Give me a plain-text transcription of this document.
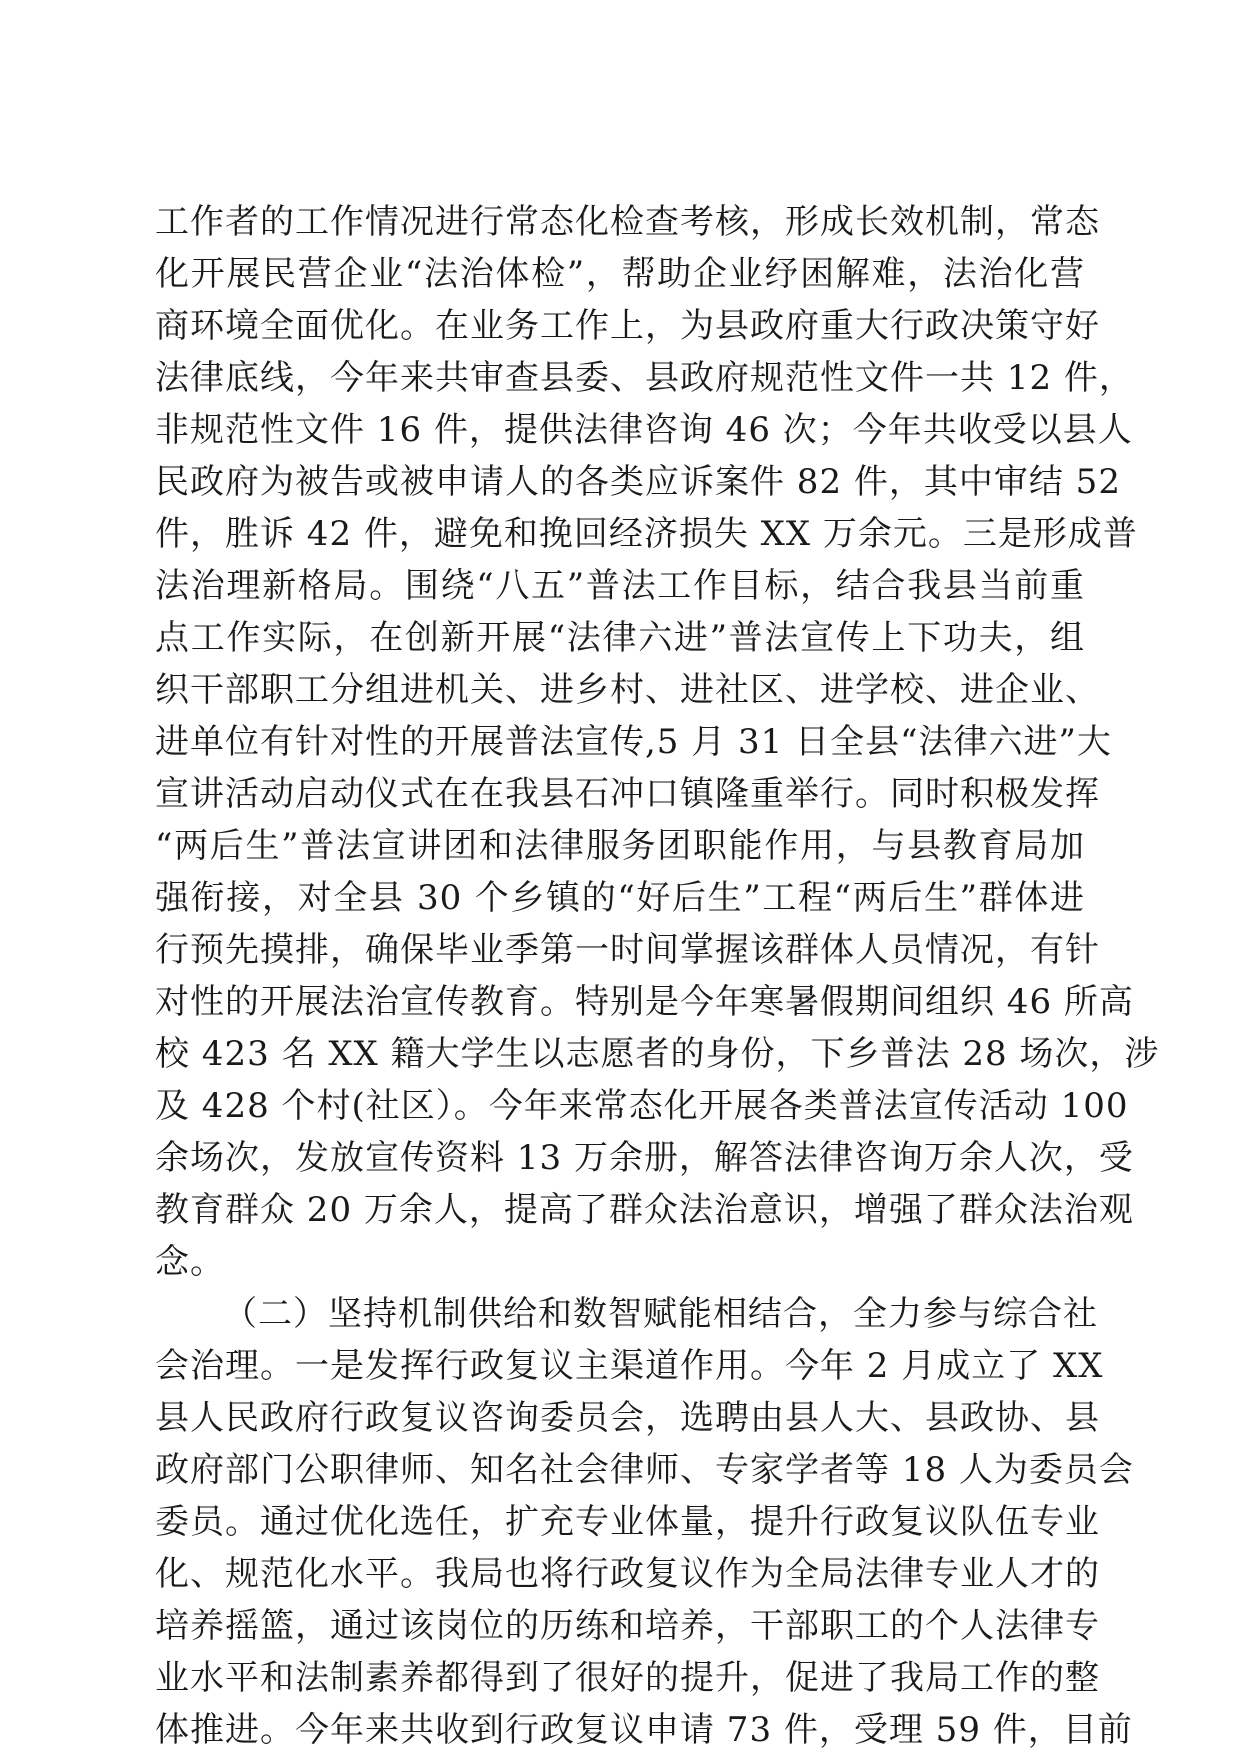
工作者的工作情况进行常态化检查考核，形成长效机制，常态
化开展民营企业“法治体检”，帮助企业纾困解难，法治化营
商环境全面优化。在业务工作上，为县政府重大行政决策守好
法律底线，今年来共审查县委、县政府规范性文件一共 12 件，
非规范性文件 16 件，提供法律咨询 46 次；今年共收受以县人
民政府为被告或被申请人的各类应诉案件 82 件，其中审结 52
件，胜诉 42 件，避免和挽回经济损失 XX 万余元。三是形成普
法治理新格局。围绕“八五”普法工作目标，结合我县当前重
点工作实际，在创新开展“法律六进”普法宣传上下功夫，组
织干部职工分组进机关、进乡村、进社区、进学校、进企业、
进单位有针对性的开展普法宣传,5 月 31 日全县“法律六进”大
宣讲活动启动仪式在在我县石冲口镇隆重举行。同时积极发挥
“两后生”普法宣讲团和法律服务团职能作用，与县教育局加
强衔接，对全县 30 个乡镇的“好后生”工程“两后生”群体进
行预先摸排，确保毕业季第一时间掌握该群体人员情况，有针
对性的开展法治宣传教育。特别是今年寒暑假期间组织 46 所高
校 423 名 XX 籍大学生以志愿者的身份，下乡普法 28 场次，涉
及 428 个村(社区）。今年来常态化开展各类普法宣传活动 100
余场次，发放宣传资料 13 万余册，解答法律咨询万余人次，受
教育群众 20 万余人，提高了群众法治意识，增强了群众法治观
念。
（二）坚持机制供给和数智赋能相结合，全力参与综合社
会治理。一是发挥行政复议主渠道作用。今年 2 月成立了 XX
县人民政府行政复议咨询委员会，选聘由县人大、县政协、县
政府部门公职律师、知名社会律师、专家学者等 18 人为委员会
委员。通过优化选任，扩充专业体量，提升行政复议队伍专业
化、规范化水平。我局也将行政复议作为全局法律专业人才的
培养摇篮，通过该岗位的历练和培养，干部职工的个人法律专
业水平和法制素养都得到了很好的提升，促进了我局工作的整
体推进。今年来共收到行政复议申请 73 件，受理 59 件，目前
